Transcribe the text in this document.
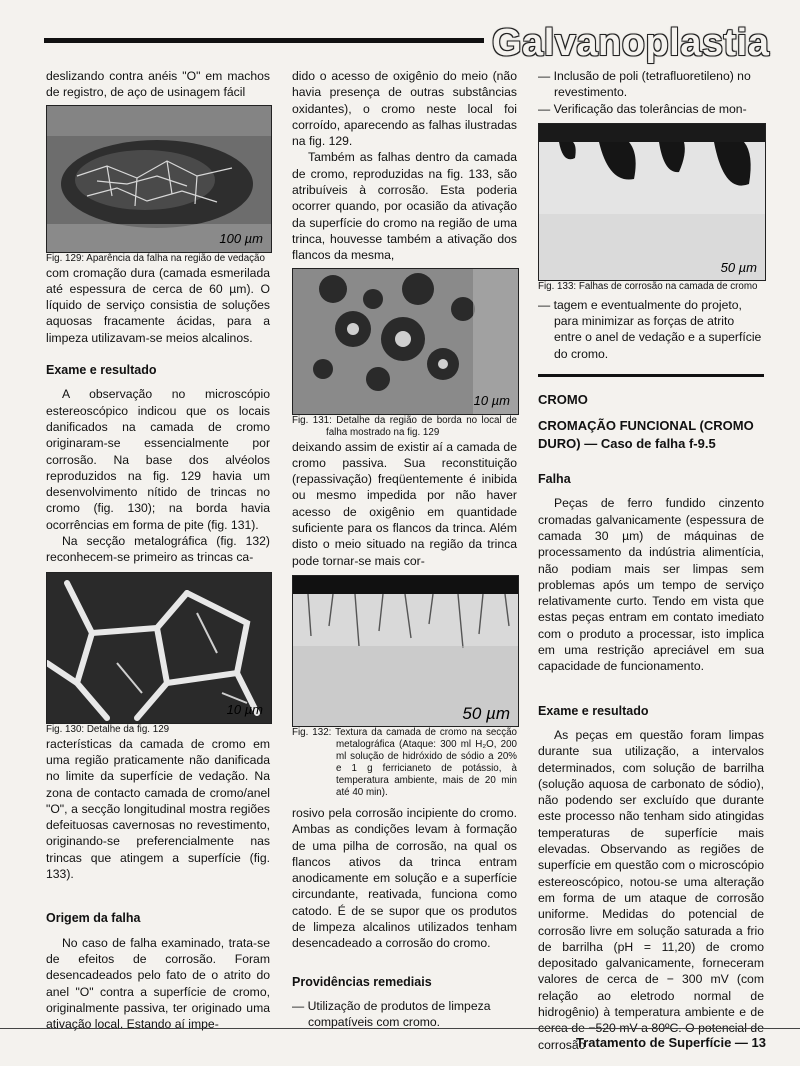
Galvanoplastia

deslizando contra anéis "O" em machos de registro, de aço de usinagem fácil

100 µm

Fig. 129: Aparência da falha na região de vedação

com cromação dura (camada esmerilada até espessura de cerca de 60 µm). O líquido de serviço consistia de soluções aquosas fracamente ácidas, para a limpeza utilizavam-se meios alcalinos.

Exame e resultado

A observação no microscópio estereoscópico indicou que os locais danificados na camada de cromo originaram-se essencialmente por corrosão. Na base dos alvéolos reproduzidos na fig. 129 havia um desenvolvimento nítido de trincas no cromo (fig. 130); na borda havia ocorrências em forma de pite (fig. 131).

Na secção metalográfica (fig. 132) reconhecem-se primeiro as trincas ca-

10 µm

Fig. 130: Detalhe da fig. 129

racterísticas da camada de cromo em uma região praticamente não danificada no limite da superfície de vedação. Na zona de contacto camada de cromo/anel "O", a secção longitudinal mostra regiões defeituosas cavernosas no revestimento, originando-se preferencialmente nas trincas que atingem a superfície (fig. 133).

Origem da falha

No caso de falha examinado, trata-se de efeitos de corrosão. Foram desencadeados pelo fato de o atrito do anel "O" contra a superfície de cromo, originalmente passiva, ter originado uma ativação local. Estando aí impe-

dido o acesso de oxigênio do meio (não havia presença de outras substâncias oxidantes), o cromo neste local foi corroído, aparecendo as falhas ilustradas na fig. 129.

Também as falhas dentro da camada de cromo, reproduzidas na fig. 133, são atribuíveis à corrosão. Esta poderia ocorrer quando, por ocasião da ativação da superfície do cromo na região de uma trinca, houvesse também a ativação dos flancos da mesma,

10 µm

Fig. 131: Detalhe da região de borda no local de falha mostrado na fig. 129

deixando assim de existir aí a camada de cromo passiva. Sua reconstituição (repassivação) freqüentemente é inibida ou mesmo impedida por não haver acesso de oxigênio em quantidade suficiente para os flancos da trinca. Além disto o meio situado na região da trinca pode tornar-se mais cor-

50 µm

Fig. 132: Textura da camada de cromo na secção metalográfica (Ataque: 300 ml H₂O, 200 ml solução de hidróxido de sódio a 20% e 1 g ferricianeto de potássio, à temperatura ambiente, mais de 20 min até 40 min).

rosivo pela corrosão incipiente do cromo. Ambas as condições levam à formação de uma pilha de corrosão, na qual os flancos ativos da trinca entram anodicamente em solução e a superfície circundante, reativada, funciona como catodo. É de se supor que os produtos de limpeza alcalinos utilizados tenham desencadeado a corrosão do cromo.

Providências remediais

— Utilização de produtos de limpeza compatíveis com cromo.

— Inclusão de poli (tetrafluoretileno) no revestimento.

— Verificação das tolerâncias de mon-

50 µm

Fig. 133: Falhas de corrosão na camada de cromo

— tagem e eventualmente do projeto, para minimizar as forças de atrito entre o anel de vedação e a superfície do cromo.

CROMO
CROMAÇÃO FUNCIONAL (CROMO DURO) — Caso de falha f-9.5
Falha

Peças de ferro fundido cinzento cromadas galvanicamente (espessura de camada 30 µm) de máquinas de processamento da indústria alimentícia, não podiam mais ser limpas sem problemas após um tempo de serviço relativamente curto. Tendo em vista que estas peças entram em contato imediato com o produto a processar, isto implica em uma restrição apreciável em sua capacidade de funcionamento.

Exame e resultado

As peças em questão foram limpas durante sua utilização, a intervalos determinados, com solução de barrilha (solução aquosa de carbonato de sódio), não podendo ser excluído que durante este processo não tenham sido atingidas temperaturas de superfície mais elevadas. Observando as regiões de superfície em questão com o microscópio estereoscópico, notou-se uma alteração em forma de um ataque de corrosão uniforme. Medidas do potencial de corrosão livre em solução saturada a frio de barrilha (pH = 11,20) de cromo depositado galvanicamente, forneceram valores de cerca de − 300 mV (com relação ao eletrodo normal de hidrogênio) à temperatura ambiente e de cerca de −520 mV a 80ºC. O potencial de corrosão

Tratamento de Superfície — 13
